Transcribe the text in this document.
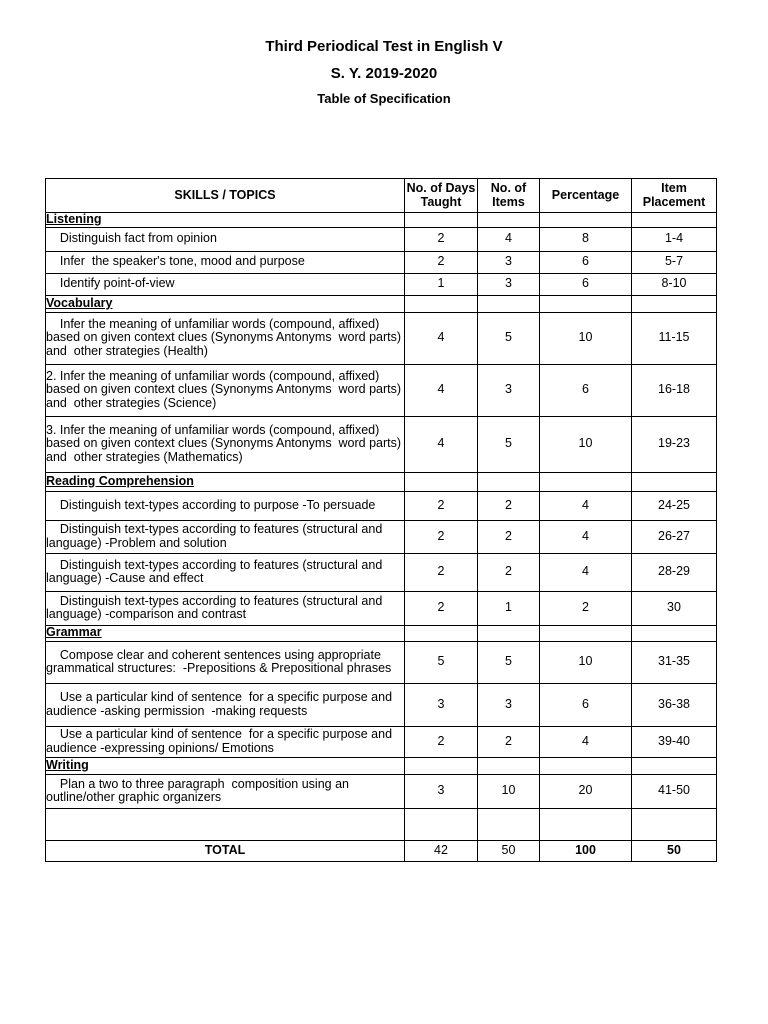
Third Periodical Test in English V
S. Y. 2019-2020
Table of Specification
SKILLS / TOPICS	No. of Days Taught	No. of Items	Percentage	Item Placement
Listening				
Distinguish fact from opinion	2	4	8	1-4
Infer  the speaker's tone, mood and purpose	2	3	6	5-7
Identify point-of-view	1	3	6	8-10
Vocabulary				
Infer the meaning of unfamiliar words (compound, affixed) based on given context clues (Synonyms Antonyms  word parts) and  other strategies (Health)	4	5	10	11-15
2. Infer the meaning of unfamiliar words (compound, affixed) based on given context clues (Synonyms Antonyms  word parts) and  other strategies (Science)	4	3	6	16-18
3. Infer the meaning of unfamiliar words (compound, affixed) based on given context clues (Synonyms Antonyms  word parts) and  other strategies (Mathematics)	4	5	10	19-23
Reading Comprehension				
Distinguish text-types according to purpose -To persuade	2	2	4	24-25
Distinguish text-types according to features (structural and language) -Problem and solution	2	2	4	26-27
Distinguish text-types according to features (structural and language) -Cause and effect	2	2	4	28-29
Distinguish text-types according to features (structural and language) -comparison and contrast	2	1	2	30
Grammar				
Compose clear and coherent sentences using appropriate grammatical structures:  -Prepositions & Prepositional phrases	5	5	10	31-35
Use a particular kind of sentence  for a specific purpose and audience -asking permission  -making requests	3	3	6	36-38
Use a particular kind of sentence  for a specific purpose and audience -expressing opinions/ Emotions	2	2	4	39-40
Writing				
Plan a two to three paragraph  composition using an outline/other graphic organizers	3	10	20	41-50

TOTAL	42	50	100	50
